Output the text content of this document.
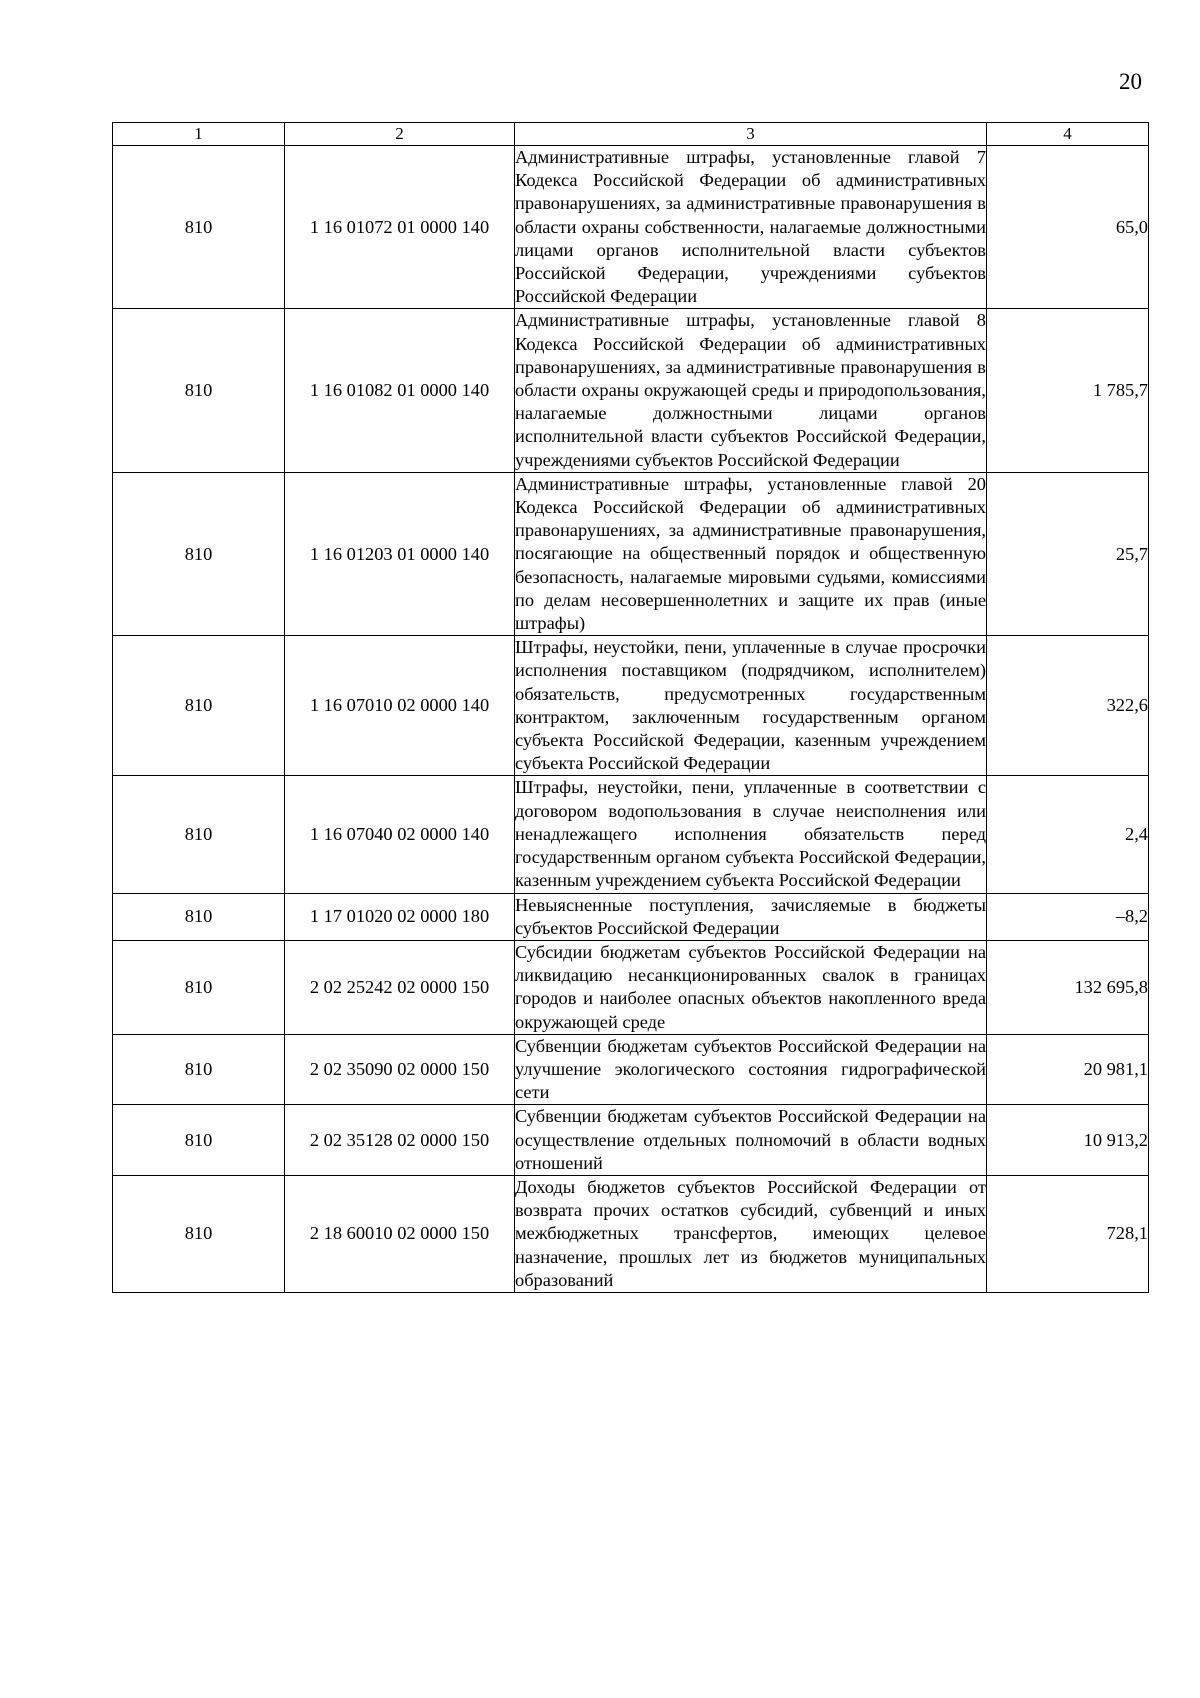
20
1	2	3	4
810	1 16 01072 01 0000 140	Административные штрафы, установленные главой 7 Кодекса Российской Федерации об административных правонарушениях, за административные правонарушения в области охраны собственности, налагаемые должностными лицами органов исполнительной власти субъектов Российской Федерации, учреждениями субъектов Российской Федерации	65,0
810	1 16 01082 01 0000 140	Административные штрафы, установленные главой 8 Кодекса Российской Федерации об административных правонарушениях, за административные правонарушения в области охраны окружающей среды и природопользования, налагаемые должностными лицами органов исполнительной власти субъектов Российской Федерации, учреждениями субъектов Российской Федерации	1 785,7
810	1 16 01203 01 0000 140	Административные штрафы, установленные главой 20 Кодекса Российской Федерации об административных правонарушениях, за административные правонарушения, посягающие на общественный порядок и общественную безопасность, налагаемые мировыми судьями, комиссиями по делам несовершеннолетних и защите их прав (иные штрафы)	25,7
810	1 16 07010 02 0000 140	Штрафы, неустойки, пени, уплаченные в случае просрочки исполнения поставщиком (подрядчиком, исполнителем) обязательств, предусмотренных государственным контрактом, заключенным государственным органом субъекта Российской Федерации, казенным учреждением субъекта Российской Федерации	322,6
810	1 16 07040 02 0000 140	Штрафы, неустойки, пени, уплаченные в соответствии с договором водопользования в случае неисполнения или ненадлежащего исполнения обязательств перед государственным органом субъекта Российской Федерации, казенным учреждением субъекта Российской Федерации	2,4
810	1 17 01020 02 0000 180	Невыясненные поступления, зачисляемые в бюджеты субъектов Российской Федерации	–8,2
810	2 02 25242 02 0000 150	Субсидии бюджетам субъектов Российской Федерации на ликвидацию несанкционированных свалок в границах городов и наиболее опасных объектов накопленного вреда окружающей среде	132 695,8
810	2 02 35090 02 0000 150	Субвенции бюджетам субъектов Российской Федерации на улучшение экологического состояния гидрографической сети	20 981,1
810	2 02 35128 02 0000 150	Субвенции бюджетам субъектов Российской Федерации на осуществление отдельных полномочий в области водных отношений	10 913,2
810	2 18 60010 02 0000 150	Доходы бюджетов субъектов Российской Федерации от возврата прочих остатков субсидий, субвенций и иных межбюджетных трансфертов, имеющих целевое назначение, прошлых лет из бюджетов муниципальных образований	728,1
